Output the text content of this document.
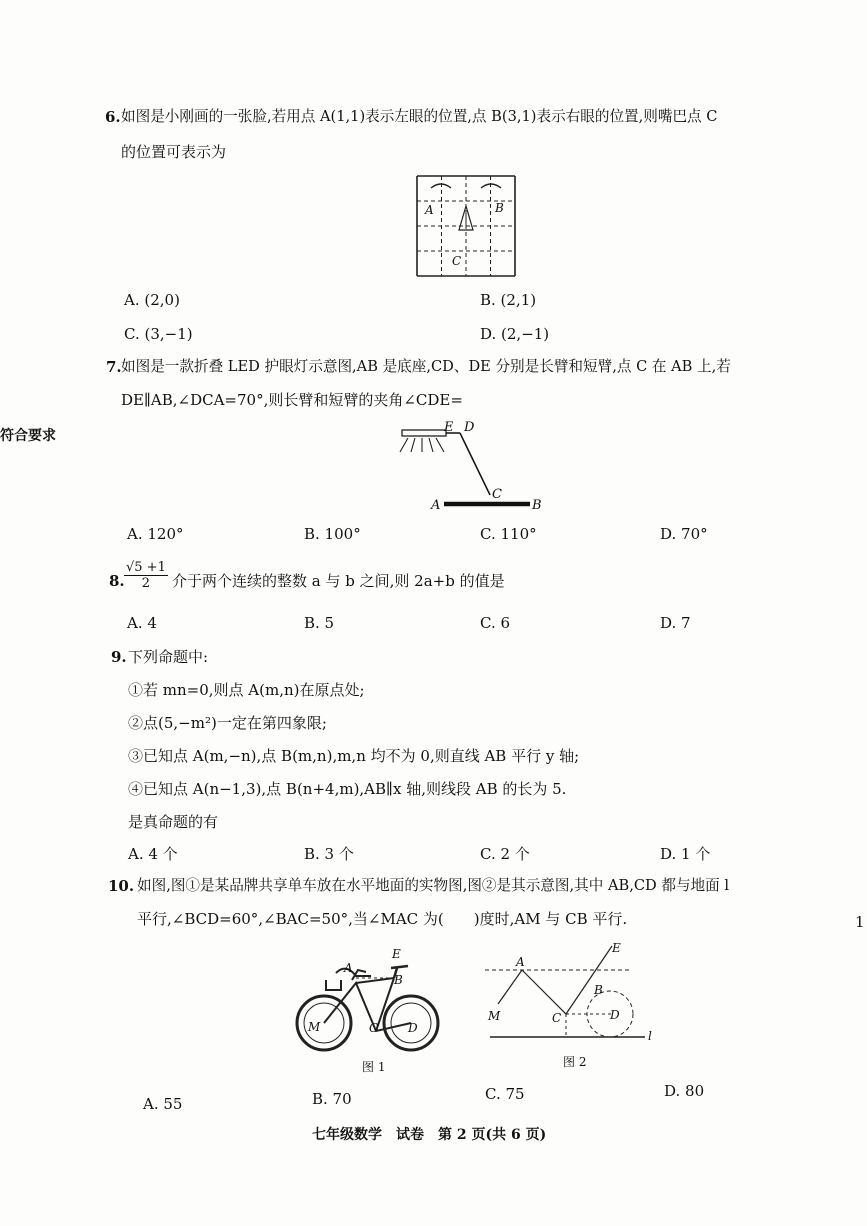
符合要求
1
6. 如图是小刚画的一张脸,若用点 A(1,1)表示左眼的位置,点 B(3,1)表示右眼的位置,则嘴巴点 C
的位置可表示为
A	B
C
A. (2,0)	B. (2,1)
C. (3,−1)	D. (2,−1)
7. 如图是一款折叠 LED 护眼灯示意图,AB 是底座,CD、DE 分别是长臂和短臂,点 C 在 AB 上,若
DE∥AB,∠DCA=70°,则长臂和短臂的夹角∠CDE=
E D
C
A	B
A. 120°	B. 100°	C. 110°	D. 70°
8. $\frac{√5 +1}{2}$ 介于两个连续的整数 a 与 b 之间,则 2a+b 的值是
A. 4	B. 5	C. 6	D. 7
9. 下列命题中:
①若 mn=0,则点 A(m,n)在原点处;
②点(5,−m²)一定在第四象限;
③已知点 A(m,−n),点 B(m,n),m,n 均不为 0,则直线 AB 平行 y 轴;
④已知点 A(n−1,3),点 B(n+4,m),AB∥x 轴,则线段 AB 的长为 5.
是真命题的有
A. 4 个	B. 3 个	C. 2 个	D. 1 个
10. 如图,图①是某品牌共享单车放在水平地面的实物图,图②是其示意图,其中 AB,CD 都与地面 l
平行,∠BCD=60°,∠BAC=50°,当∠MAC 为(　　)度时,AM 与 CB 平行.
A
E
B
M	C D
图 1
E
A
B
M	C	D
l
图 2
A. 55	B. 70	C. 75	D. 80
七年级数学　试卷　第 2 页(共 6 页)
